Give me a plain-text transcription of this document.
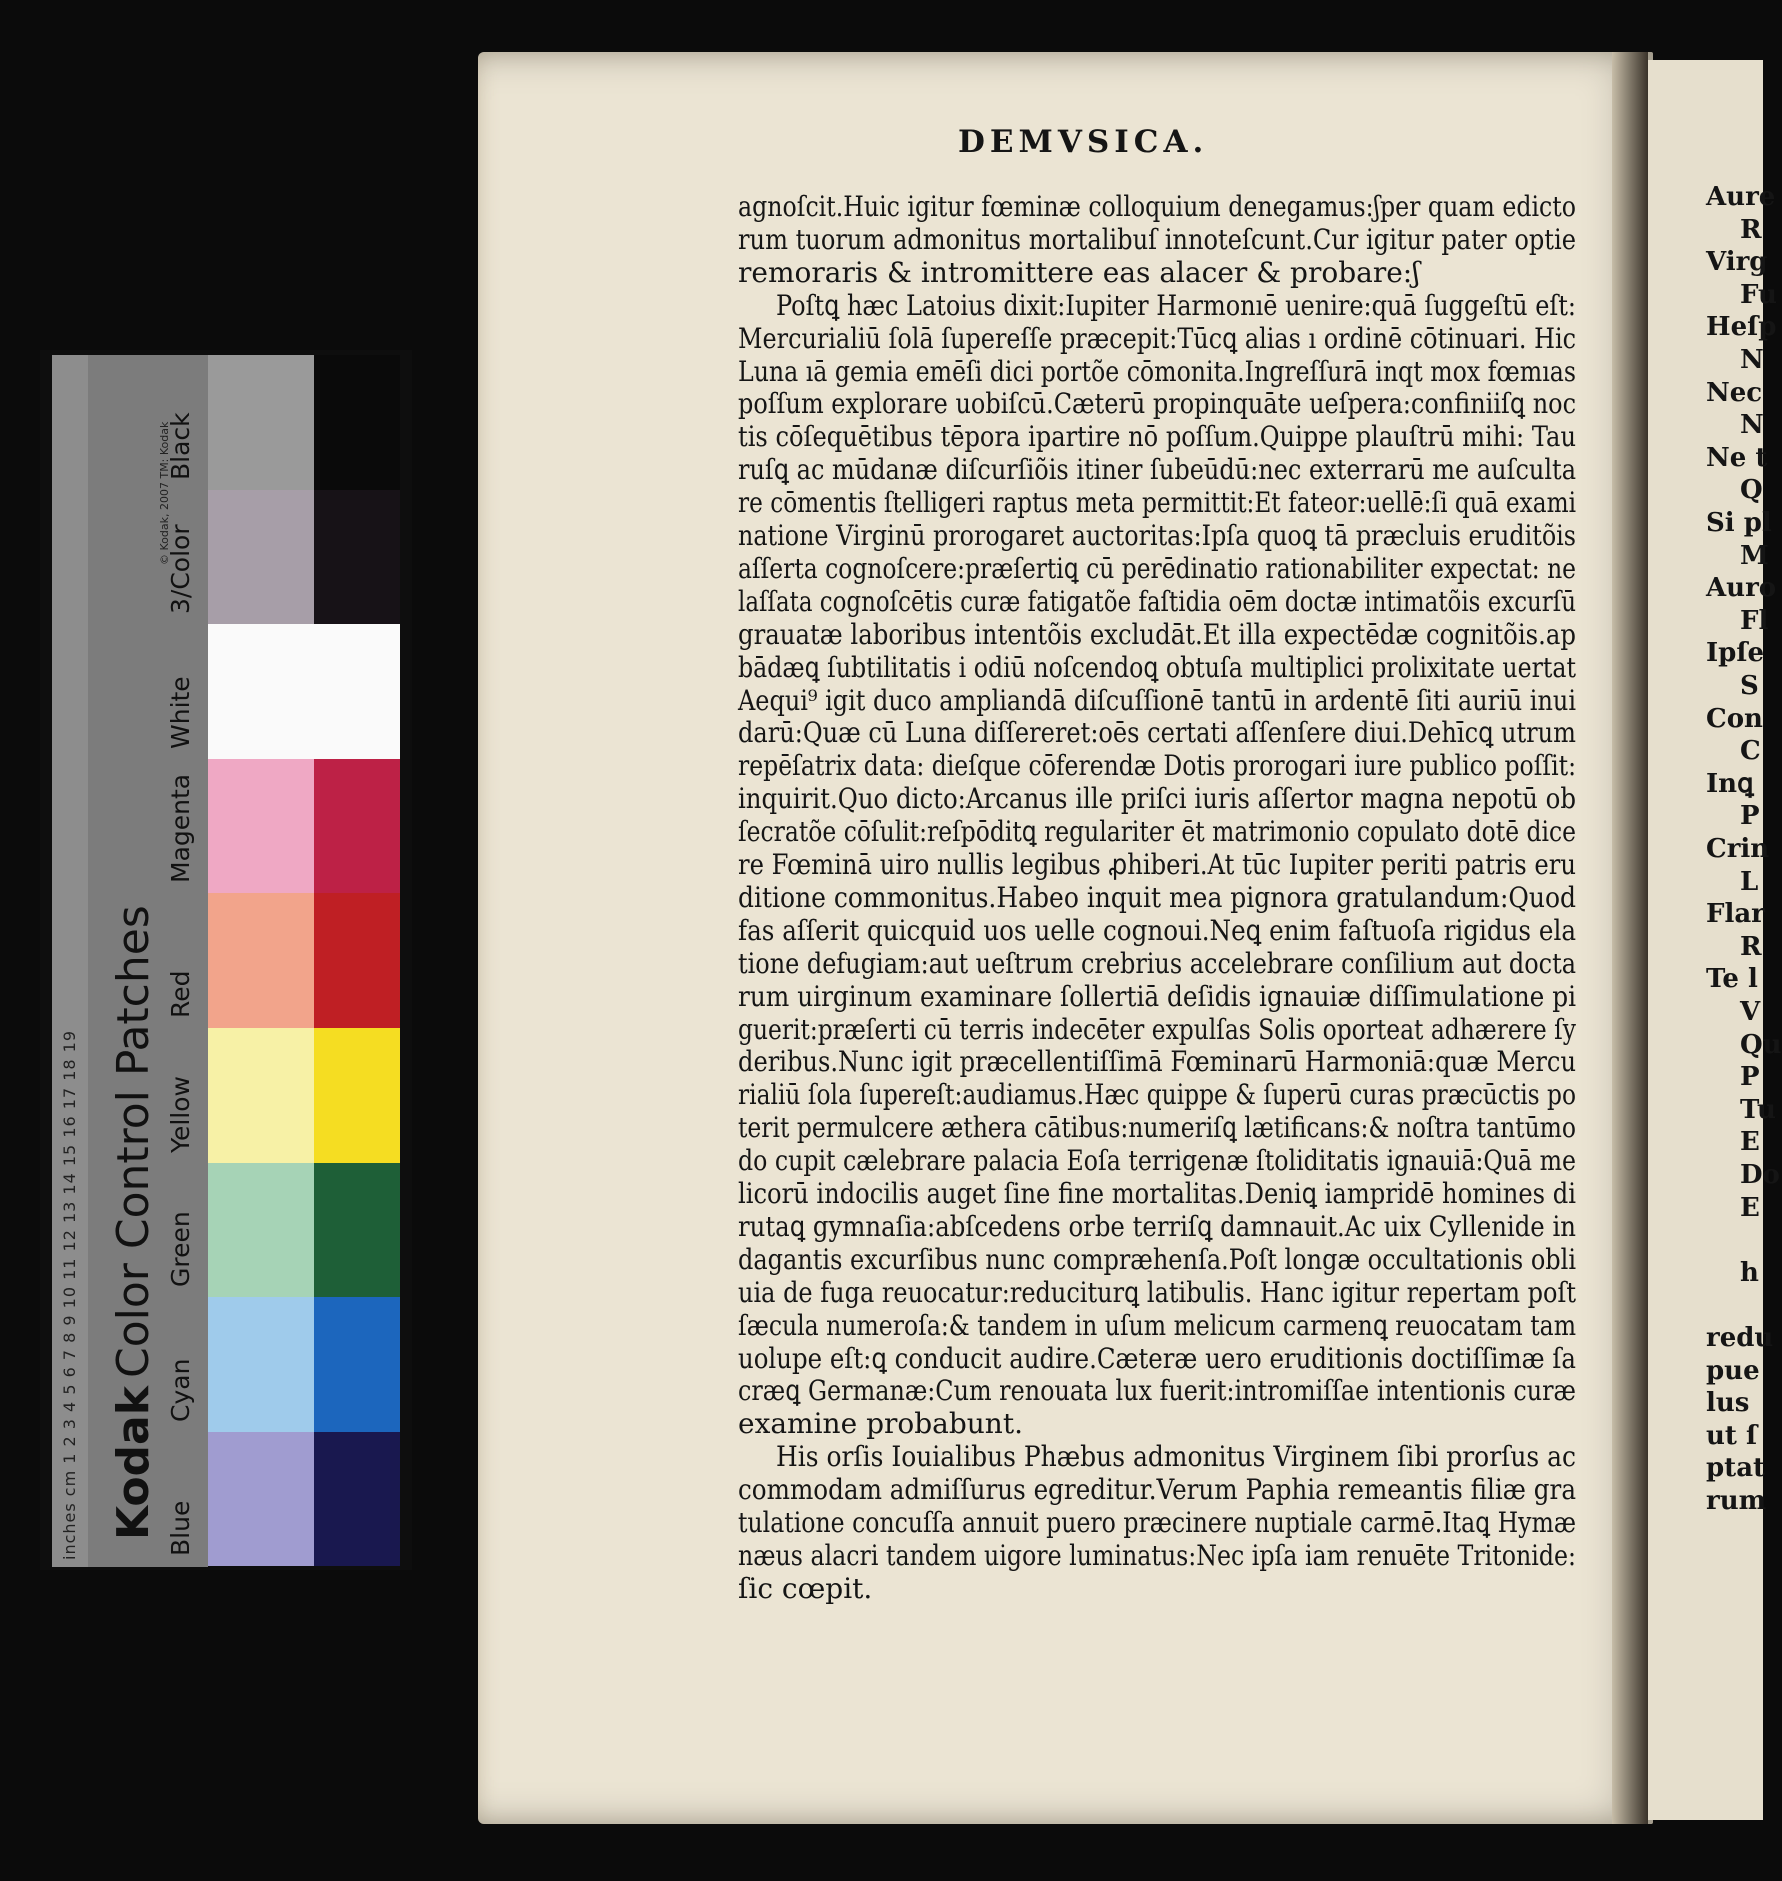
inches cm 1 2 3 4 5 6 7 8 9 10 11 12 13 14 15 16 17 18 19 KodakColor Control Patches
© Kodak, 2007 TM: Kodak
Black
3/Color
White
Magenta
Red
Yellow
Green
Cyan
Blue
DEMVSICA.
agnoſcit.Huic igitur fœminæ colloquium denegamus:ʃper quam edicto
rum tuorum admonitus mortalibuſ innoteſcunt.Cur igitur pater optie
remoraris & intromittere eas alacer & probare:ʃ
Poſtꝗ hæc Latoius dixit:Iupiter Harmonıē uenire:quā ſuggeſtū eſt:
Mercurialiū ſolā ſupereſſe præcepit:Tūcꝗ alias ı ordinē cōtinuari. Hic
Luna ıā gemia emēſi dici portõe cōmonita.Ingreſſurā inqt mox fœmıas
poſſum explorare uobiſcū.Cæterū propinquāte ueſpera:confiniiſꝗ noc
tis cōſequētibus tēpora ipartire nō poſſum.Quippe plauſtrū mihi: Tau
ruſꝗ ac mūdanæ diſcurſiõis itiner ſubeūdū:nec exterrarū me auſculta
re cōmentis ſtelligeri raptus meta permittit:Et fateor:uellē:ſi quā exami
natione Virginū prorogaret auctoritas:Ipſa quoꝗ tā præcluis eruditõis
aſſerta cognoſcere:præſertiꝗ cū perēdinatio rationabiliter expectat: ne
laſſata cognoſcētis curæ fatigatõe faſtidia oēm doctæ intimatõis excurſū
grauatæ laboribus intentõis excludāt.Et illa expectēdæ cognitõis.ap
bādæꝗ ſubtilitatis i odiū noſcendoꝗ obtuſa multiplici prolixitate uertat
Aequi⁹ igit duco ampliandā diſcuſſionē tantū in ardentē ſiti auriū inui
darū:Quæ cū Luna diſſereret:oēs certati aſſenſere diui.Dehīcꝗ utrum
repēſatrix data: dieſque cōferendæ Dotis prorogari iure publico poſſit:
inquirit.Quo dicto:Arcanus ille priſci iuris aſſertor magna nepotū ob
ſecratõe cōſulit:reſpōditꝗ regulariter ēt matrimonio copulato dotē dice
re Fœminā uiro nullis legibus ꝓhiberi.At tūc Iupiter periti patris eru
ditione commonitus.Habeo inquit mea pignora gratulandum:Quod
fas aſſerit quicquid uos uelle cognoui.Neꝗ enim faſtuoſa rigidus ela
tione defugiam:aut ueſtrum crebrius accelebrare conſilium aut docta
rum uirginum examinare ſollertiā deſidis ignauiæ diſſimulatione pi
guerit:præſerti cū terris indecēter expulſas Solis oporteat adhærere ſy
deribus.Nunc igit præcellentiſſimā Fœminarū Harmoniā:quæ Mercu
rialiū ſola ſupereſt:audiamus.Hæc quippe & ſuperū curas præcūctis po
terit permulcere æthera cātibus:numeriſꝗ lætificans:& noſtra tantūmo
do cupit cælebrare palacia Eoſa terrigenæ ſtoliditatis ignauiā:Quā me
licorū indocilis auget ſine fine mortalitas.Deniꝗ iampridē homines di
rutaꝗ gymnaſia:abſcedens orbe terriſꝗ damnauit.Ac uix Cyllenide in
dagantis excurſibus nunc compræhenſa.Poſt longæ occultationis obli
uia de fuga reuocatur:reduciturꝗ latibulis. Hanc igitur repertam poſt
ſæcula numeroſa:& tandem in uſum melicum carmenꝗ reuocatam tam
uolupe eſt:ꝗ conducit audire.Cæteræ uero eruditionis doctiſſimæ ſa
cræꝗ Germanæ:Cum renouata lux fuerit:intromiſſae intentionis curæ
examine probabunt.
His orſis Iouialibus Phæbus admonitus Virginem ſibi prorſus ac
commodam admiſſurus egreditur.Verum Paphia remeantis filiæ gra
tulatione concuſſa annuit puero præcinere nuptiale carmē.Itaꝗ Hymæ
næus alacri tandem uigore luminatus:Nec ipſa iam renuēte Tritonide:
ſic cœpit.
Aure
R
Virg
Fu
Heſp
N
Nec
N
Ne t
Q
Si pl
M
Auro
Fl
Ipſe
S
Con
C
Inꝗ
P
Crin
L
Flar
R
Te l
V
Qu
P
Tu
E
Do
E
h
redu
pue
lus
ut ſ
ptat
rum
